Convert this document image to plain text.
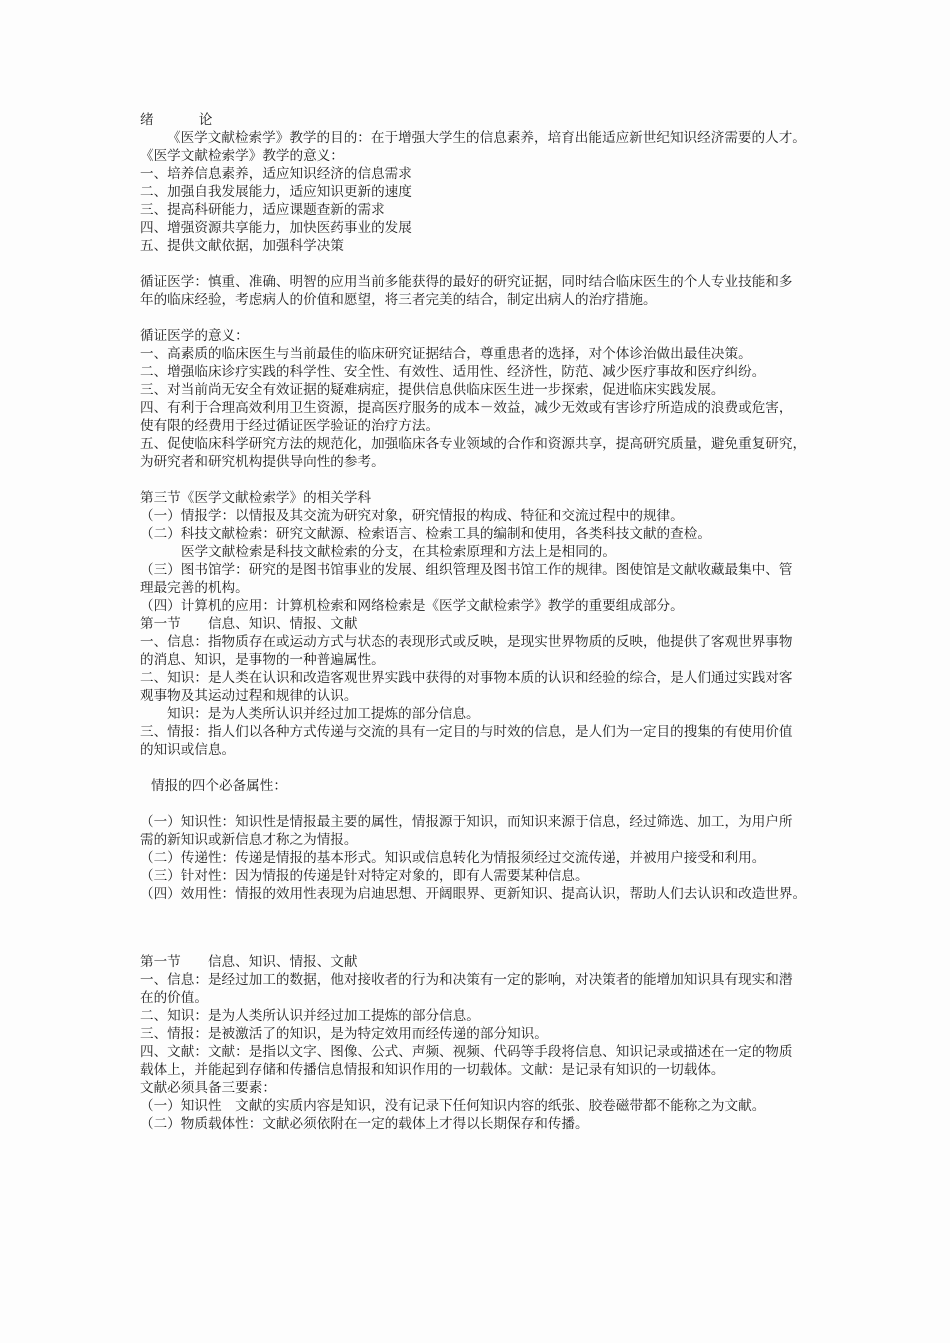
绪　　论
《医学文献检索学》教学的目的：在于增强大学生的信息素养，培育出能适应新世纪知识经济需要的人才。
《医学文献检索学》教学的意义：
一、培养信息素养，适应知识经济的信息需求
二、加强自我发展能力，适应知识更新的速度
三、提高科研能力，适应课题查新的需求
四、增强资源共享能力，加快医药事业的发展
五、提供文献依据，加强科学决策
循证医学：慎重、准确、明智的应用当前多能获得的最好的研究证据，同时结合临床医生的个人专业技能和多
年的临床经验，考虑病人的价值和愿望，将三者完美的结合，制定出病人的治疗措施。
循证医学的意义：
一、高素质的临床医生与当前最佳的临床研究证据结合，尊重患者的选择，对个体诊治做出最佳决策。
二、增强临床诊疗实践的科学性、安全性、有效性、适用性、经济性，防范、减少医疗事故和医疗纠纷。
三、对当前尚无安全有效证据的疑难病症，提供信息供临床医生进一步探索，促进临床实践发展。
四、有利于合理高效利用卫生资源，提高医疗服务的成本－效益，减少无效或有害诊疗所造成的浪费或危害，
使有限的经费用于经过循证医学验证的治疗方法。
五、促使临床科学研究方法的规范化，加强临床各专业领域的合作和资源共享，提高研究质量，避免重复研究，
为研究者和研究机构提供导向性的参考。
第三节《医学文献检索学》的相关学科
（一）情报学：以情报及其交流为研究对象，研究情报的构成、特征和交流过程中的规律。
（二）科技文献检索：研究文献源、检索语言、检索工具的编制和使用，各类科技文献的查检。
医学文献检索是科技文献检索的分支，在其检索原理和方法上是相同的。
（三）图书馆学：研究的是图书馆事业的发展、组织管理及图书馆工作的规律。图使馆是文献收藏最集中、管
理最完善的机构。
（四）计算机的应用：计算机检索和网络检索是《医学文献检索学》教学的重要组成部分。
第一节　　信息、知识、情报、文献
一、信息：指物质存在或运动方式与状态的表现形式或反映，是现实世界物质的反映，他提供了客观世界事物
的消息、知识，是事物的一种普遍属性。
二、知识：是人类在认识和改造客观世界实践中获得的对事物本质的认识和经验的综合，是人们通过实践对客
观事物及其运动过程和规律的认识。
知识：是为人类所认识并经过加工提炼的部分信息。
三、情报：指人们以各种方式传递与交流的具有一定目的与时效的信息，是人们为一定目的搜集的有使用价值
的知识或信息。
情报的四个必备属性：
（一）知识性：知识性是情报最主要的属性，情报源于知识，而知识来源于信息，经过筛选、加工，为用户所
需的新知识或新信息才称之为情报。
（二）传递性：传递是情报的基本形式。知识或信息转化为情报须经过交流传递，并被用户接受和利用。
（三）针对性：因为情报的传递是针对特定对象的，即有人需要某种信息。
（四）效用性：情报的效用性表现为启迪思想、开阔眼界、更新知识、提高认识，帮助人们去认识和改造世界。
第一节　　信息、知识、情报、文献
一、信息：是经过加工的数据，他对接收者的行为和决策有一定的影响，对决策者的能增加知识具有现实和潜
在的价值。
二、知识：是为人类所认识并经过加工提炼的部分信息。
三、情报：是被激活了的知识，是为特定效用而经传递的部分知识。
四、文献：文献：是指以文字、图像、公式、声频、视频、代码等手段将信息、知识记录或描述在一定的物质
载体上，并能起到存储和传播信息情报和知识作用的一切载体。文献：是记录有知识的一切载体。
文献必须具备三要素：
（一）知识性　文献的实质内容是知识，没有记录下任何知识内容的纸张、胶卷磁带都不能称之为文献。
（二）物质载体性：文献必须依附在一定的载体上才得以长期保存和传播。
